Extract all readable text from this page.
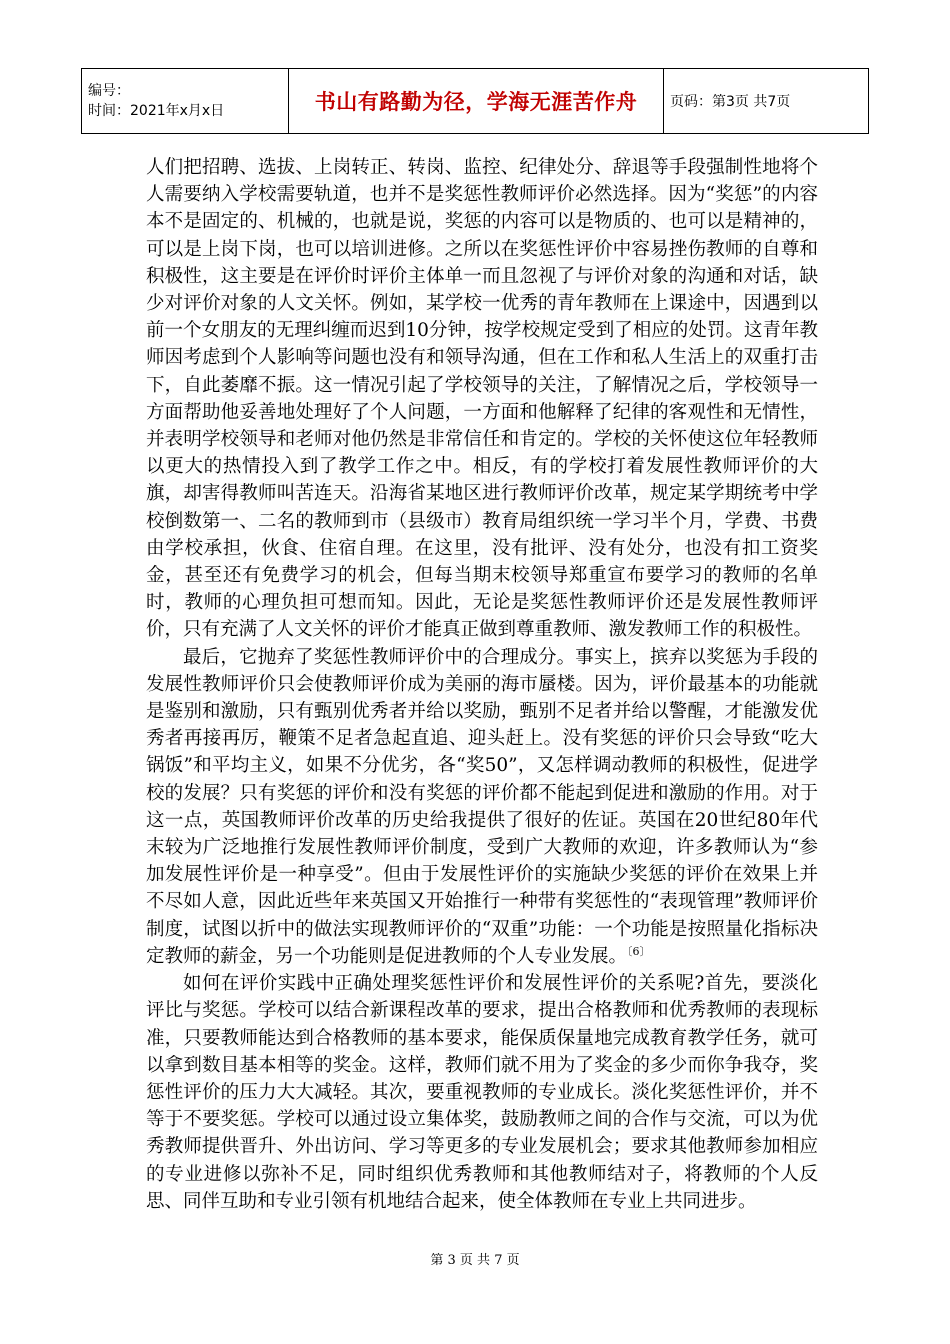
编号：
时间：2021年x月x日	书山有路勤为径，学海无涯苦作舟	页码：第3页 共7页

人们把招聘、选拔、上岗转正、转岗、监控、纪律处分、辞退等手段强制性地将个人需要纳入学校需要轨道，也并不是奖惩性教师评价必然选择。因为“奖惩”的内容本不是固定的、机械的，也就是说，奖惩的内容可以是物质的、也可以是精神的，可以是上岗下岗，也可以培训进修。之所以在奖惩性评价中容易挫伤教师的自尊和积极性，这主要是在评价时评价主体单一而且忽视了与评价对象的沟通和对话，缺少对评价对象的人文关怀。例如，某学校一优秀的青年教师在上课途中，因遇到以前一个女朋友的无理纠缠而迟到10分钟，按学校规定受到了相应的处罚。这青年教师因考虑到个人影响等问题也没有和领导沟通，但在工作和私人生活上的双重打击下，自此萎靡不振。这一情况引起了学校领导的关注，了解情况之后，学校领导一方面帮助他妥善地处理好了个人问题，一方面和他解释了纪律的客观性和无情性，并表明学校领导和老师对他仍然是非常信任和肯定的。学校的关怀使这位年轻教师以更大的热情投入到了教学工作之中。相反，有的学校打着发展性教师评价的大旗，却害得教师叫苦连天。沿海省某地区进行教师评价改革，规定某学期统考中学校倒数第一、二名的教师到市（县级市）教育局组织统一学习半个月，学费、书费由学校承担，伙食、住宿自理。在这里，没有批评、没有处分，也没有扣工资奖金，甚至还有免费学习的机会，但每当期末校领导郑重宣布要学习的教师的名单时，教师的心理负担可想而知。因此，无论是奖惩性教师评价还是发展性教师评价，只有充满了人文关怀的评价才能真正做到尊重教师、激发教师工作的积极性。

最后，它抛弃了奖惩性教师评价中的合理成分。事实上，摈弃以奖惩为手段的发展性教师评价只会使教师评价成为美丽的海市蜃楼。因为，评价最基本的功能就是鉴别和激励，只有甄别优秀者并给以奖励，甄别不足者并给以警醒，才能激发优秀者再接再厉，鞭策不足者急起直追、迎头赶上。没有奖惩的评价只会导致“吃大锅饭”和平均主义，如果不分优劣，各“奖50”，又怎样调动教师的积极性，促进学校的发展？只有奖惩的评价和没有奖惩的评价都不能起到促进和激励的作用。对于这一点，英国教师评价改革的历史给我提供了很好的佐证。英国在20世纪80年代末较为广泛地推行发展性教师评价制度，受到广大教师的欢迎，许多教师认为“参加发展性评价是一种享受”。但由于发展性评价的实施缺少奖惩的评价在效果上并不尽如人意，因此近些年来英国又开始推行一种带有奖惩性的“表现管理”教师评价制度，试图以折中的做法实现教师评价的“双重”功能：一个功能是按照量化指标决定教师的薪金，另一个功能则是促进教师的个人专业发展。$^{〔6〕}$

如何在评价实践中正确处理奖惩性评价和发展性评价的关系呢?首先，要淡化评比与奖惩。学校可以结合新课程改革的要求，提出合格教师和优秀教师的表现标准，只要教师能达到合格教师的基本要求，能保质保量地完成教育教学任务，就可以拿到数目基本相等的奖金。这样，教师们就不用为了奖金的多少而你争我夺，奖惩性评价的压力大大减轻。其次，要重视教师的专业成长。淡化奖惩性评价，并不等于不要奖惩。学校可以通过设立集体奖，鼓励教师之间的合作与交流，可以为优秀教师提供晋升、外出访问、学习等更多的专业发展机会；要求其他教师参加相应的专业进修以弥补不足，同时组织优秀教师和其他教师结对子，将教师的个人反思、同伴互助和专业引领有机地结合起来，使全体教师在专业上共同进步。

第 3 页 共 7 页
